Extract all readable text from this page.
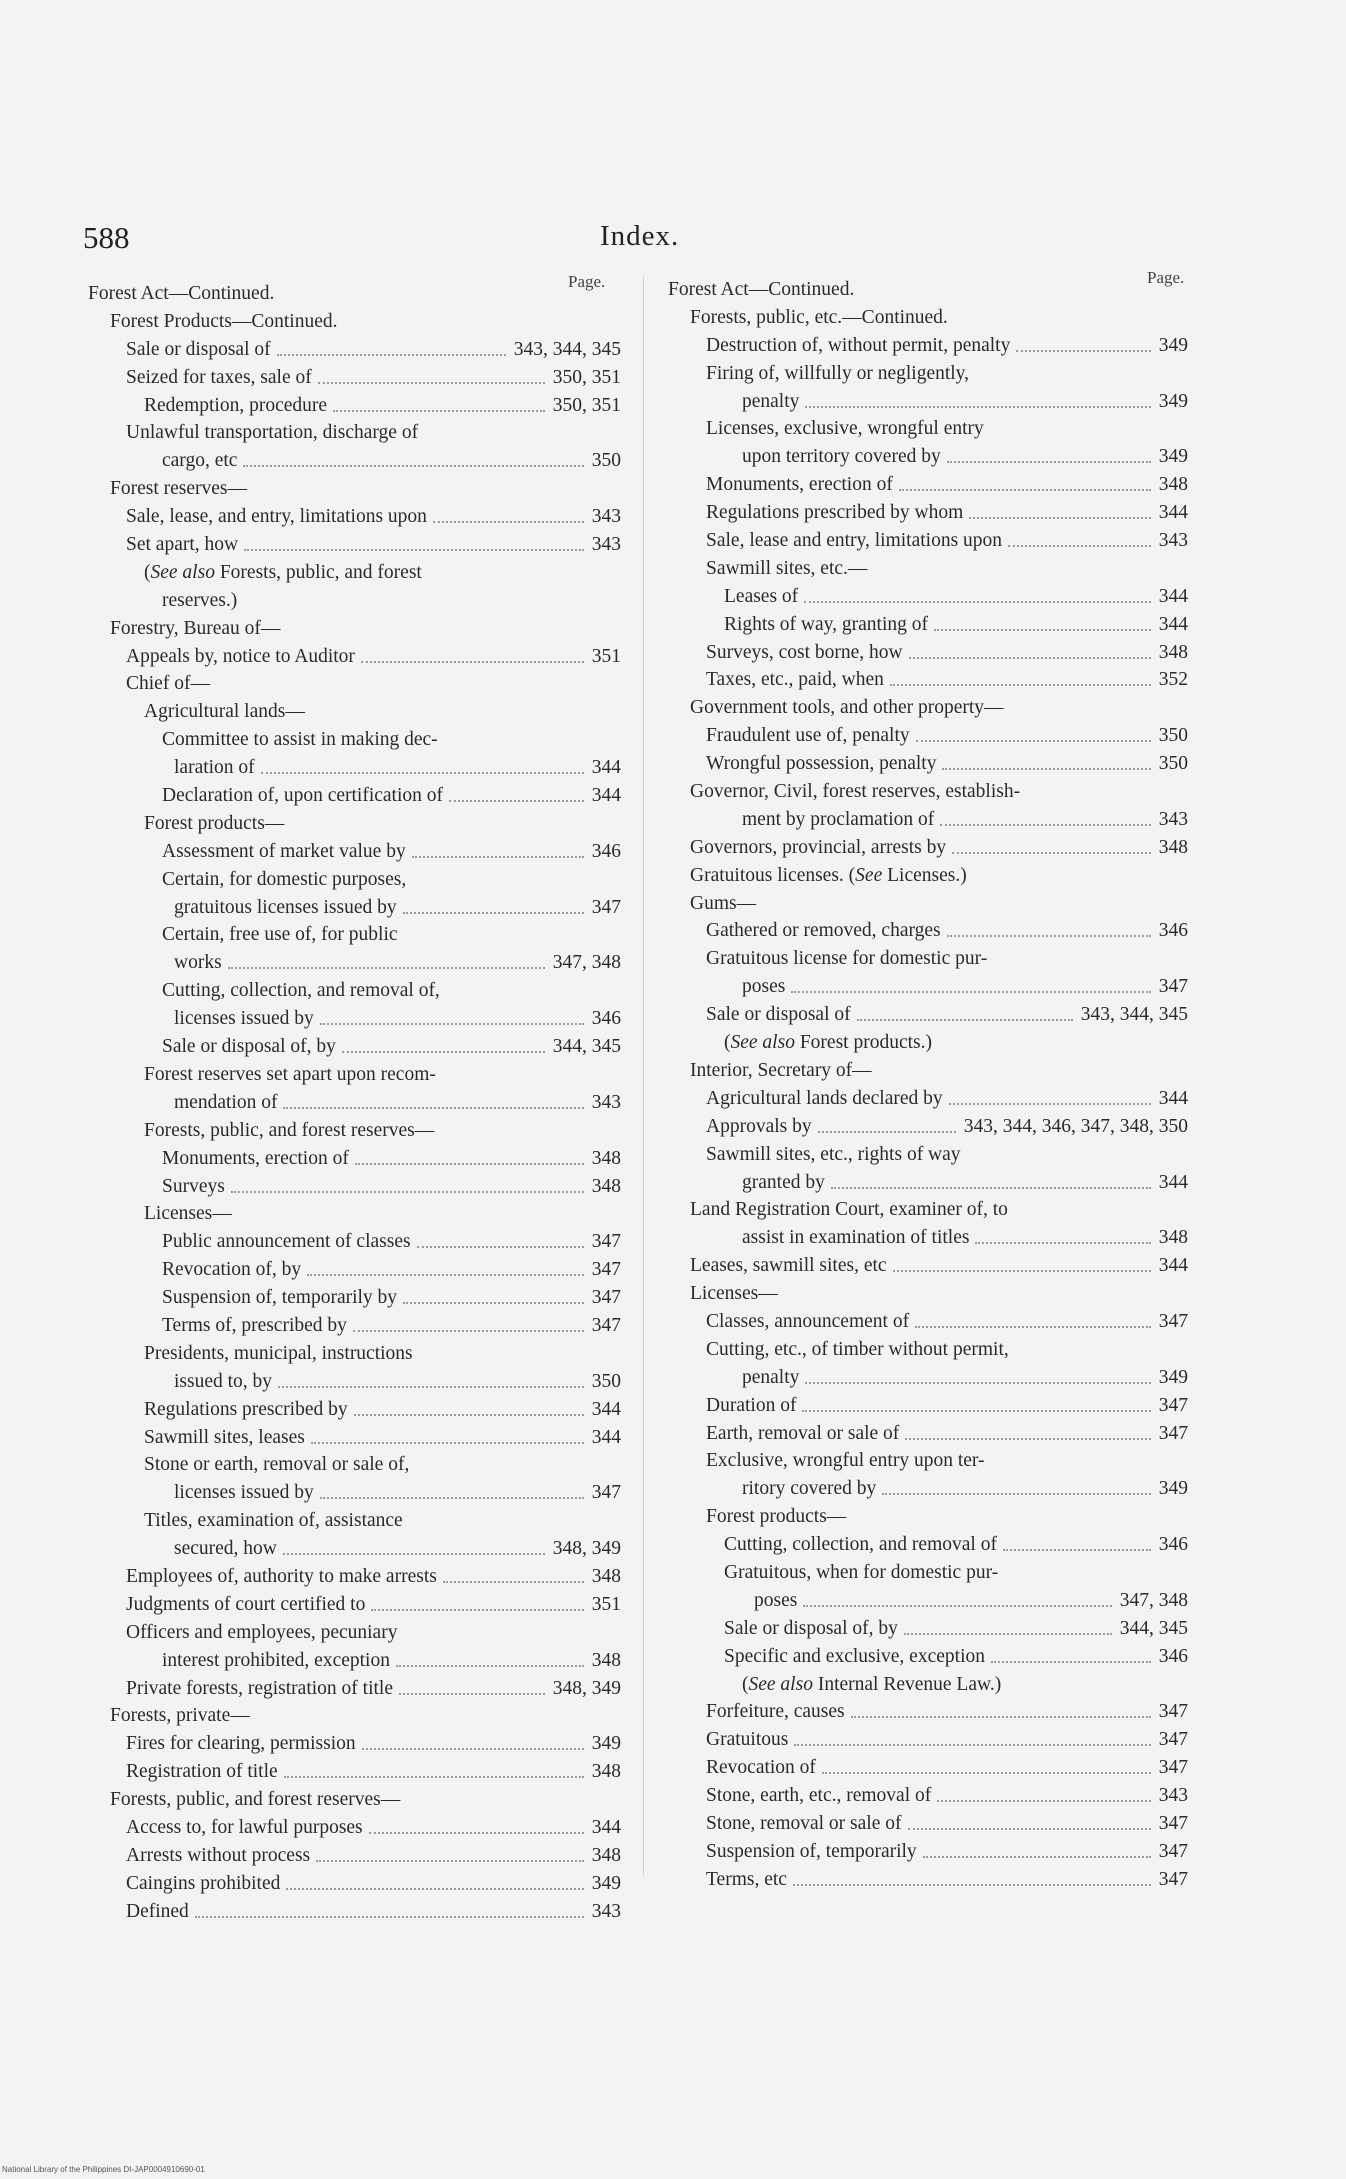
588	Index.
Page.	Page.
Forest Act—Continued.
Forest Products—Continued.
Sale or disposal of	343, 344, 345
Seized for taxes, sale of	350, 351
Redemption, procedure	350, 351
Unlawful transportation, discharge of
cargo, etc	350
Forest reserves—
Sale, lease, and entry, limitations upon	343
Set apart, how	343
(See also Forests, public, and forest
reserves.)
Forestry, Bureau of—
Appeals by, notice to Auditor	351
Chief of—
Agricultural lands—
Committee to assist in making dec-
laration of	344
Declaration of, upon certification of	344
Forest products—
Assessment of market value by	346
Certain, for domestic purposes,
gratuitous licenses issued by	347
Certain, free use of, for public
works	347, 348
Cutting, collection, and removal of,
licenses issued by	346
Sale or disposal of, by	344, 345
Forest reserves set apart upon recom-
mendation of	343
Forests, public, and forest reserves—
Monuments, erection of	348
Surveys	348
Licenses—
Public announcement of classes	347
Revocation of, by	347
Suspension of, temporarily by	347
Terms of, prescribed by	347
Presidents, municipal, instructions
issued to, by	350
Regulations prescribed by	344
Sawmill sites, leases	344
Stone or earth, removal or sale of,
licenses issued by	347
Titles, examination of, assistance
secured, how	348, 349
Employees of, authority to make arrests	348
Judgments of court certified to	351
Officers and employees, pecuniary
interest prohibited, exception	348
Private forests, registration of title	348, 349
Forests, private—
Fires for clearing, permission	349
Registration of title	348
Forests, public, and forest reserves—
Access to, for lawful purposes	344
Arrests without process	348
Caingins prohibited	349
Defined	343
Forest Act—Continued.
Forests, public, etc.—Continued.
Destruction of, without permit, penalty	349
Firing of, willfully or negligently,
penalty	349
Licenses, exclusive, wrongful entry
upon territory covered by	349
Monuments, erection of	348
Regulations prescribed by whom	344
Sale, lease and entry, limitations upon	343
Sawmill sites, etc.—
Leases of	344
Rights of way, granting of	344
Surveys, cost borne, how	348
Taxes, etc., paid, when	352
Government tools, and other property—
Fraudulent use of, penalty	350
Wrongful possession, penalty	350
Governor, Civil, forest reserves, establish-
ment by proclamation of	343
Governors, provincial, arrests by	348
Gratuitous licenses. (See Licenses.)
Gums—
Gathered or removed, charges	346
Gratuitous license for domestic pur-
poses	347
Sale or disposal of	343, 344, 345
(See also Forest products.)
Interior, Secretary of—
Agricultural lands declared by	344
Approvals by	343, 344, 346, 347, 348, 350
Sawmill sites, etc., rights of way
granted by	344
Land Registration Court, examiner of, to
assist in examination of titles	348
Leases, sawmill sites, etc	344
Licenses—
Classes, announcement of	347
Cutting, etc., of timber without permit,
penalty	349
Duration of	347
Earth, removal or sale of	347
Exclusive, wrongful entry upon ter-
ritory covered by	349
Forest products—
Cutting, collection, and removal of	346
Gratuitous, when for domestic pur-
poses	347, 348
Sale or disposal of, by	344, 345
Specific and exclusive, exception	346
(See also Internal Revenue Law.)
Forfeiture, causes	347
Gratuitous	347
Revocation of	347
Stone, earth, etc., removal of	343
Stone, removal or sale of	347
Suspension of, temporarily	347
Terms, etc	347
National Library of the Philippines DI-JAP0004910690-01
